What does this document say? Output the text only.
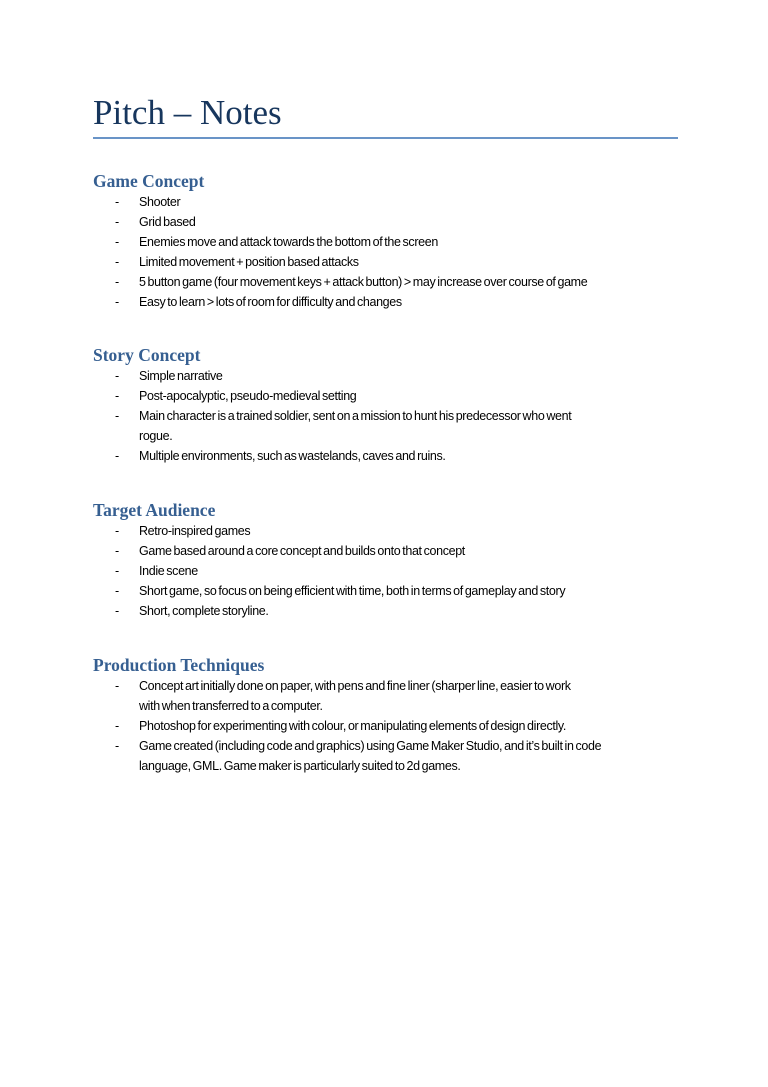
Pitch – Notes
Game Concept
-	Shooter
-	Grid based
-	Enemies move and attack towards the bottom of the screen
-	Limited movement + position based attacks
-	5 button game (four movement keys + attack button) > may increase over course of game
-	Easy to learn > lots of room for difficulty and changes
Story Concept
-	Simple narrative
-	Post-apocalyptic, pseudo-medieval setting
-	Main character is a trained soldier, sent on a mission to hunt his predecessor who went
rogue.
-	Multiple environments, such as wastelands, caves and ruins.
Target Audience
-	Retro-inspired games
-	Game based around a core concept and builds onto that concept
-	Indie scene
-	Short game, so focus on being efficient with time, both in terms of gameplay and story
-	Short, complete storyline.
Production Techniques
-	Concept art initially done on paper, with pens and fine liner (sharper line, easier to work
with when transferred to a computer.
-	Photoshop for experimenting with colour, or manipulating elements of design directly.
-	Game created (including code and graphics) using Game Maker Studio, and it’s built in code
language, GML. Game maker is particularly suited to 2d games.
